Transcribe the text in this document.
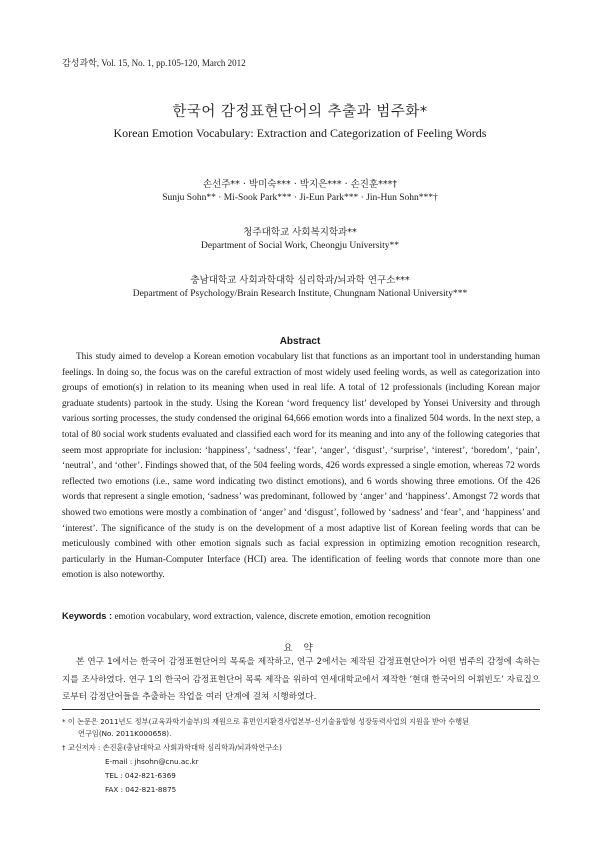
감성과학, Vol. 15, No. 1, pp.105-120, March 2012
한국어 감정표현단어의 추출과 범주화*
Korean Emotion Vocabulary: Extraction and Categorization of Feeling Words
손선주** · 박미숙*** · 박지은*** · 손진훈***†
Sunju Sohn** · Mi-Sook Park*** · Ji-Eun Park*** · Jin-Hun Sohn***†
청주대학교 사회복지학과**
Department of Social Work, Cheongju University**
충남대학교 사회과학대학 심리학과/뇌과학 연구소***
Department of Psychology/Brain Research Institute, Chungnam National University***
Abstract

This study aimed to develop a Korean emotion vocabulary list that functions as an important tool in understanding human feelings. In doing so, the focus was on the careful extraction of most widely used feeling words, as well as categorization into groups of emotion(s) in relation to its meaning when used in real life. A total of 12 professionals (including Korean major graduate students) partook in the study. Using the Korean ‘word frequency list’ developed by Yonsei University and through various sorting processes, the study condensed the original 64,666 emotion words into a finalized 504 words. In the next step, a total of 80 social work students evaluated and classified each word for its meaning and into any of the following categories that seem most appropriate for inclusion: ‘happiness’, ‘sadness’, ‘fear’, ‘anger’, ‘disgust’, ‘surprise’, ‘interest’, ‘boredom’, ‘pain’, ‘neutral’, and ‘other’. Findings showed that, of the 504 feeling words, 426 words expressed a single emotion, whereas 72 words reflected two emotions (i.e., same word indicating two distinct emotions), and 6 words showing three emotions. Of the 426 words that represent a single emotion, ‘sadness’ was predominant, followed by ‘anger’ and ‘happiness’. Amongst 72 words that showed two emotions were mostly a combination of ‘anger’ and ‘disgust’, followed by ‘sadness’ and ‘fear’, and ‘happiness’ and ‘interest’. The significance of the study is on the development of a most adaptive list of Korean feeling words that can be meticulously combined with other emotion signals such as facial expression in optimizing emotion recognition research, particularly in the Human-Computer Interface (HCI) area. The identification of feeling words that connote more than one emotion is also noteworthy.

Keywords : emotion vocabulary, word extraction, valence, discrete emotion, emotion recognition
요 약

본 연구 1에서는 한국어 감정표현단어의 목록을 제작하고, 연구 2에서는 제작된 감정표현단어가 어떤 범주의 감정에 속하는지를 조사하였다. 연구 1의 한국어 감정표현단어 목록 제작을 위하여 연세대학교에서 제작한 ‘현대 한국어의 어휘빈도’ 자료집으로부터 감정단어들을 추출하는 작업을 여러 단계에 걸쳐 시행하였다.

* 이 논문은 2011년도 정부(교육과학기술부)의 재원으로 휴먼인지환경사업본부-신기술융합형 성장동력사업의 지원을 받아 수행된
연구임(No. 2011K000658).
† 교신저자 : 손진훈(충남대학교 사회과학대학 심리학과/뇌과학연구소)
E-mail : jhsohn@cnu.ac.kr
TEL : 042-821-6369
FAX : 042-821-8875
